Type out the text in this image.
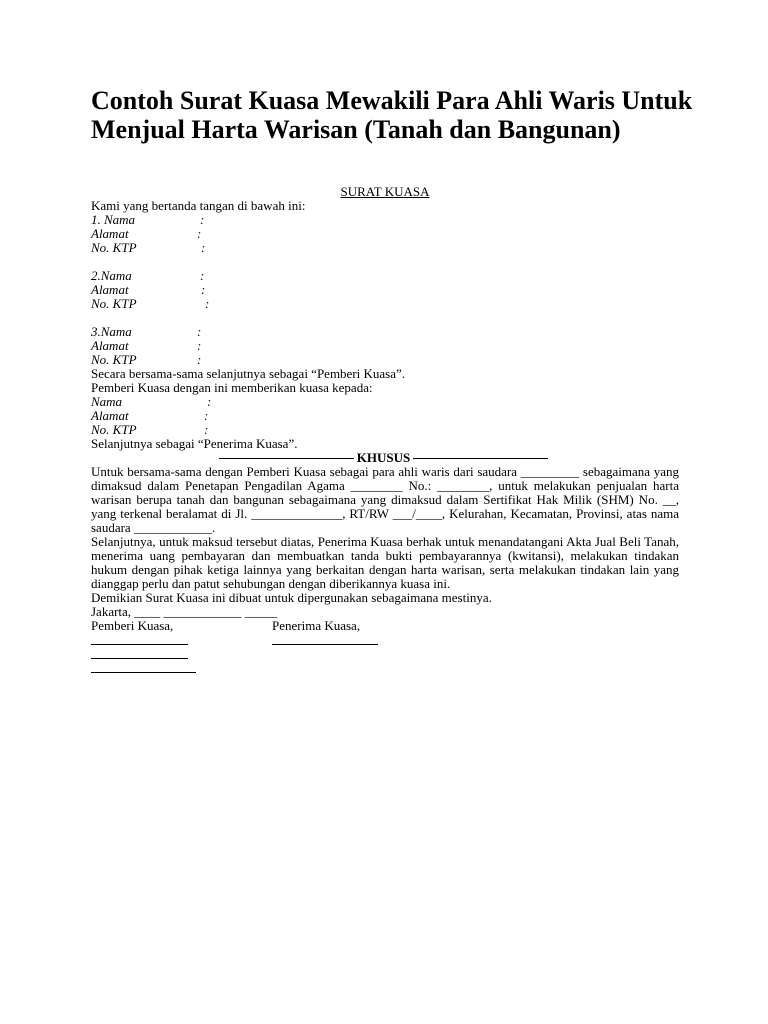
Contoh Surat Kuasa Mewakili Para Ahli Waris Untuk Menjual Harta Warisan (Tanah dan Bangunan)
SURAT KUASA
Kami yang bertanda tangan di bawah ini:
1. Nama	:
Alamat	:
No. KTP	:
2.Nama	:
Alamat	:
No. KTP	:
3.Nama	:
Alamat	:
No. KTP	:
Secara bersama-sama selanjutnya sebagai “Pemberi Kuasa”.
Pemberi Kuasa dengan ini memberikan kuasa kepada:
Nama	:
Alamat	:
No. KTP	:
Selanjutnya sebagai “Penerima Kuasa”.
KHUSUS
Untuk bersama-sama dengan Pemberi Kuasa sebagai para ahli waris dari saudara _________ sebagaimana yang dimaksud dalam Penetapan Pengadilan Agama ________ No.: ________, untuk melakukan penjualan harta warisan berupa tanah dan bangunan sebagaimana yang dimaksud dalam Sertifikat Hak Milik (SHM) No. __, yang terkenal beralamat di Jl. ______________, RT/RW ___/____, Kelurahan, Kecamatan, Provinsi, atas nama saudara ____________.
Selanjutnya, untuk maksud tersebut diatas, Penerima Kuasa berhak untuk menandatangani Akta Jual Beli Tanah, menerima uang pembayaran dan membuatkan tanda bukti pembayarannya (kwitansi), melakukan tindakan hukum dengan pihak ketiga lainnya yang berkaitan dengan harta warisan, serta melakukan tindakan lain yang dianggap perlu dan patut sehubungan dengan diberikannya kuasa ini.
Demikian Surat Kuasa ini dibuat untuk dipergunakan sebagaimana mestinya.
Jakarta, ____ ____________ _____
Pemberi Kuasa,	Penerima Kuasa,
